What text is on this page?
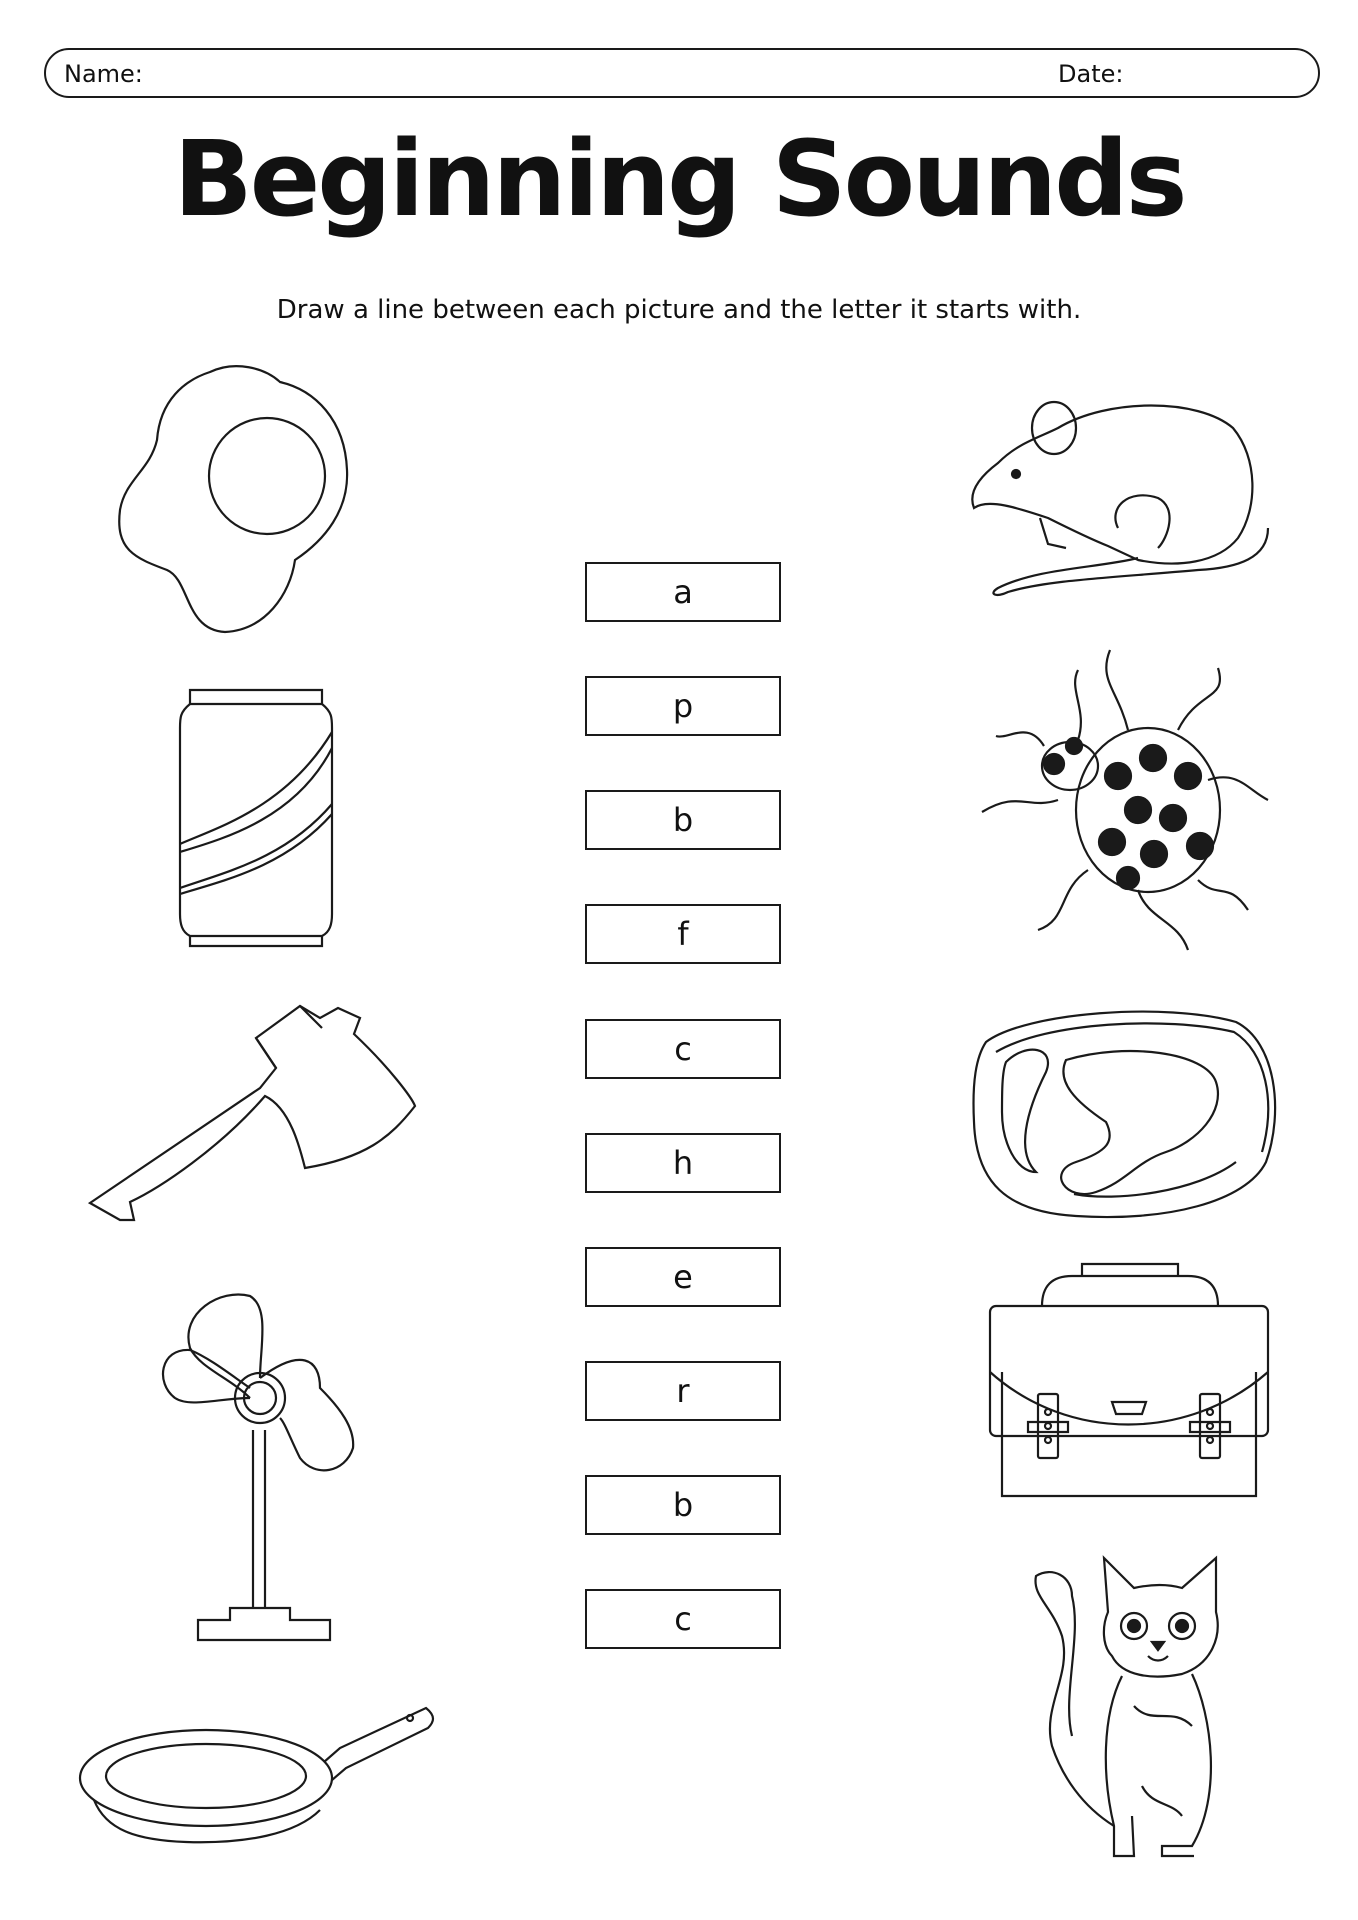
Name:	Date:
Beginning Sounds
Draw a line between each picture and the letter it starts with.
a
p
b
f
c
h
e
r
b
c
